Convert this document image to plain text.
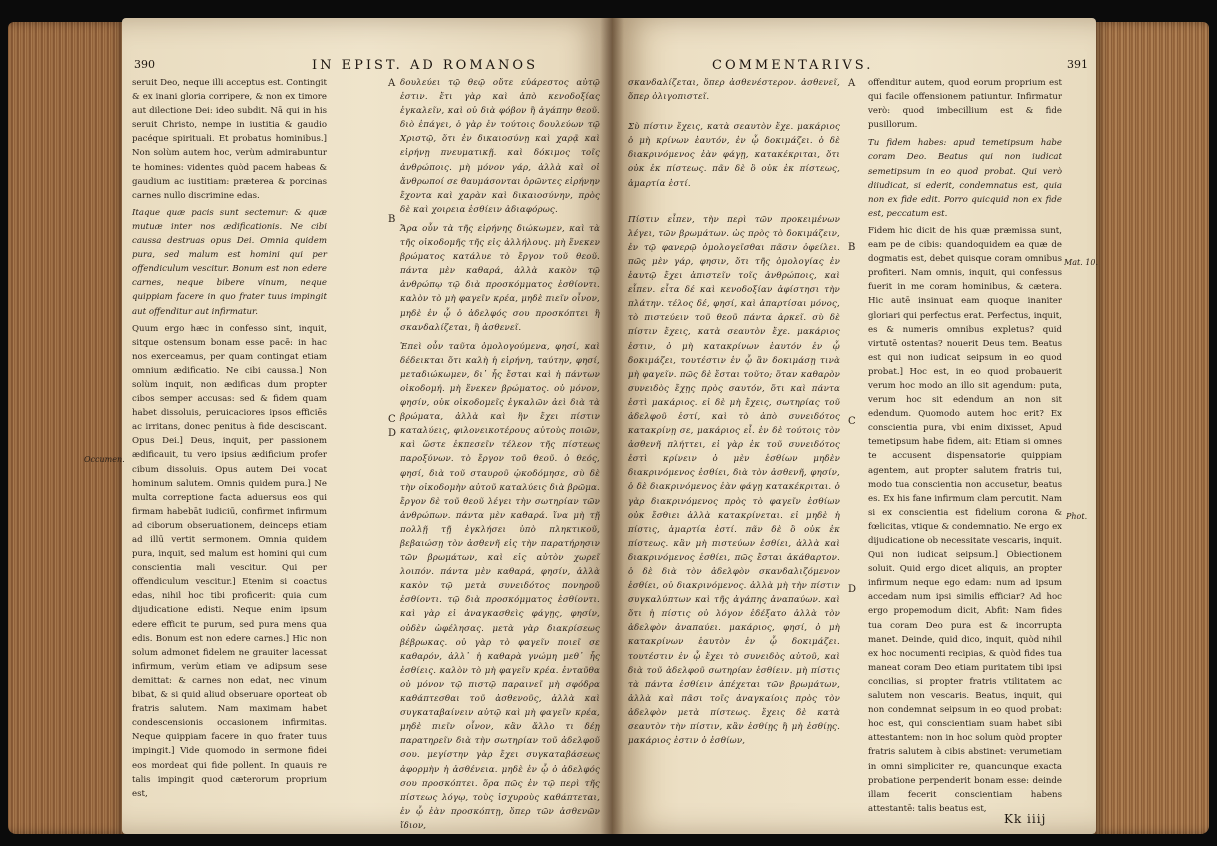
390	IN EPIST. AD ROMANOS

seruit Deo, neque illi acceptus est. Contingit & ex inani gloria corripere, & non ex timore aut dilectione Dei: ideo subdit. Nā qui in his seruit Christo, nempe in iustitia & gaudio pacéque spirituali. Et probatus hominibus.] Non solùm autem hoc, verùm admirabuntur te homines: videntes quòd pacem habeas & gaudium ac iustitiam: præterea & porcinas carnes nullo discrimine edas.

Itaque quæ pacis sunt sectemur: & quæ mutuæ inter nos ædificationis. Ne cibi caussa destruas opus Dei. Omnia quidem pura, sed malum est homini qui per offendiculum vescitur. Bonum est non edere carnes, neque bibere vinum, neque quippiam facere in quo frater tuus impingit aut offenditur aut infirmatur.

Quum ergo hæc in confesso sint, inquit, sitque ostensum bonam esse pacē: in hac nos exerceamus, per quam contingat etiam omnium ædificatio. Ne cibi caussa.] Non solùm inquit, non ædificas dum propter cibos semper accusas: sed & fidem quam habet dissoluis, peruicaciores ipsos efficiēs ac irritans, donec penitus à fide desciscant. Opus Dei.] Deus, inquit, per passionem ædificauit, tu vero ipsius ædificium profer cibum dissoluis. Opus autem Dei vocat hominum salutem. Omnis quidem pura.] Ne multa correptione facta aduersus eos qui firmam habebāt iudiciū, confirmet infirmum ad ciborum obseruationem, deinceps etiam ad illū vertit sermonem. Omnia quidem pura, inquit, sed malum est homini qui cum conscientia mali vescitur. Qui per offendiculum vescitur.] Etenim si coactus edas, nihil hoc tibi proficerit: quia cum dijudicatione edisti. Neque enim ipsum edere efficit te purum, sed pura mens qua edis. Bonum est non edere carnes.] Hic non solum admonet fidelem ne grauiter lacessat infirmum, verùm etiam ve adipsum sese demittat: & carnes non edat, nec vinum bibat, & si quid aliud obseruare oporteat ob fratris salutem. Nam maximam habet condescensionis occasionem infirmitas. Neque quippiam facere in quo frater tuus impingit.] Vide quomodo in sermone fidei eos mordeat qui fide pollent. In quauis re talis impingit quod cæterorum proprium est,

δουλεύει τῷ θεῷ οὔτε εὐάρεστος αὐτῷ ἐστιν. ἔτι γὰρ καὶ ἀπὸ κενοδοξίας ἐγκαλεῖν, καὶ οὐ διὰ φόβον ἢ ἀγάπην θεοῦ. διὸ ἐπάγει, ὁ γὰρ ἐν τούτοις δουλεύων τῷ Χριστῷ, ὅτι ἐν δικαιοσύνῃ καὶ χαρᾷ καὶ εἰρήνῃ πνευματικῇ. καὶ δόκιμος τοῖς ἀνθρώποις. μὴ μόνον γάρ, ἀλλὰ καὶ οἱ ἄνθρωποί σε θαυμάσονται ὁρῶντες εἰρήνην ἔχοντα καὶ χαρὰν καὶ δικαιοσύνην, πρὸς δὲ καὶ χοιρεια ἐσθίειν ἀδιαφόρως.

Ἄρα οὖν τὰ τῆς εἰρήνης διώκωμεν, καὶ τὰ τῆς οἰκοδομῆς τῆς εἰς ἀλλήλους. μὴ ἕνεκεν βρώματος κατάλυε τὸ ἔργον τοῦ θεοῦ. πάντα μὲν καθαρά, ἀλλὰ κακὸν τῷ ἀνθρώπῳ τῷ διὰ προσκόμματος ἐσθίοντι. καλὸν τὸ μὴ φαγεῖν κρέα, μηδὲ πιεῖν οἶνον, μηδὲ ἐν ᾧ ὁ ἀδελφός σου προσκόπτει ἢ σκανδαλίζεται, ἢ ἀσθενεῖ.

Ἐπεὶ οὖν ταῦτα ὁμολογούμενα, φησί, καὶ δέδεικται ὅτι καλὴ ἡ εἰρήνη, ταύτην, φησί, μεταδιώκωμεν, δι᾽ ἧς ἔσται καὶ ἡ πάντων οἰκοδομή. μὴ ἕνεκεν βρώματος. οὐ μόνον, φησίν, οὐκ οἰκοδομεῖς ἐγκαλῶν ἀεὶ διὰ τὰ βρώματα, ἀλλὰ καὶ ἣν ἔχει πίστιν καταλύεις, φιλονεικοτέρους αὐτοὺς ποιῶν, καὶ ὥστε ἐκπεσεῖν τέλεον τῆς πίστεως παροξύνων. τὸ ἔργον τοῦ θεοῦ. ὁ θεός, φησί, διὰ τοῦ σταυροῦ ᾠκοδόμησε, σὺ δὲ τὴν οἰκοδομὴν αὐτοῦ καταλύεις διὰ βρῶμα. ἔργον δὲ τοῦ θεοῦ λέγει τὴν σωτηρίαν τῶν ἀνθρώπων. πάντα μὲν καθαρά. ἵνα μὴ τῇ πολλῇ τῇ ἐγκλήσει ὑπὸ πληκτικοῦ, βεβαιώσῃ τὸν ἀσθενῆ εἰς τὴν παρατήρησιν τῶν βρωμάτων, καὶ εἰς αὐτὸν χωρεῖ λοιπόν. πάντα μὲν καθαρά, φησίν, ἀλλὰ κακὸν τῷ μετὰ συνειδότος πονηροῦ ἐσθίοντι. τῷ διὰ προσκόμματος ἐσθίοντι. καὶ γὰρ εἰ ἀναγκασθεὶς φάγῃς, φησίν, οὐδὲν ὠφέλησας. μετὰ γὰρ διακρίσεως βέβρωκας. οὐ γὰρ τὸ φαγεῖν ποιεῖ σε καθαρόν, ἀλλ᾽ ἡ καθαρὰ γνώμη μεθ᾽ ἧς ἐσθίεις. καλὸν τὸ μὴ φαγεῖν κρέα. ἐνταῦθα οὐ μόνον τῷ πιστῷ παραινεῖ μὴ σφόδρα καθάπτεσθαι τοῦ ἀσθενοῦς, ἀλλὰ καὶ συγκαταβαίνειν αὐτῷ καὶ μὴ φαγεῖν κρέα, μηδὲ πιεῖν οἶνον, κἂν ἄλλο τι δέῃ παρατηρεῖν διὰ τὴν σωτηρίαν τοῦ ἀδελφοῦ σου. μεγίστην γὰρ ἔχει συγκαταβάσεως ἀφορμὴν ἡ ἀσθένεια. μηδὲ ἐν ᾧ ὁ ἀδελφός σου προσκόπτει. ὅρα πῶς ἐν τῷ περὶ τῆς πίστεως λόγῳ, τοὺς ἰσχυροὺς καθάπτεται, ἐν ᾧ ἐὰν προσκόπτῃ, ὅπερ τῶν ἀσθενῶν ἴδιον,

A
B
C
D
Occumen.
COMMENTARIVS.	391

σκανδαλίζεται, ὅπερ ἀσθενέστερον. ἀσθενεῖ, ὅπερ ὀλιγοπιστεῖ.

Σὺ πίστιν ἔχεις, κατὰ σεαυτὸν ἔχε. μακάριος ὁ μὴ κρίνων ἑαυτόν, ἐν ᾧ δοκιμάζει. ὁ δὲ διακρινόμενος ἐὰν φάγῃ, κατακέκριται, ὅτι οὐκ ἐκ πίστεως. πᾶν δὲ ὃ οὐκ ἐκ πίστεως, ἁμαρτία ἐστί.

Πίστιν εἶπεν, τὴν περὶ τῶν προκειμένων λέγει, τῶν βρωμάτων. ὡς πρὸς τὸ δοκιμάζειν, ἐν τῷ φανερῷ ὁμολογεῖσθαι πᾶσιν ὀφείλει. πῶς μὲν γάρ, φησιν, ὅτι τῆς ὁμολογίας ἐν ἑαυτῷ ἔχει ἀπιστεῖν τοῖς ἀνθρώποις, καὶ εἶπεν. εἶτα δέ καὶ κενοδοξίαν ἀφίστησι τὴν πλάτην. τέλος δέ, φησί, καὶ ἀπαρτίσαι μόνος, τὸ πιστεύειν τοῦ θεοῦ πάντα ἀρκεῖ. σὺ δὲ πίστιν ἔχεις, κατὰ σεαυτὸν ἔχε. μακάριος ἐστιν, ὁ μὴ κατακρίνων ἑαυτόν ἐν ᾧ δοκιμάζει, τουτέστιν ἐν ᾧ ἂν δοκιμάσῃ τινὰ μὴ φαγεῖν. πῶς δὲ ἔσται τοῦτο; ὅταν καθαρὸν συνειδὸς ἔχῃς πρὸς σαυτόν, ὅτι καὶ πάντα ἐστὶ μακάριος. εἰ δὲ μὴ ἔχεις, σωτηρίας τοῦ ἀδελφοῦ ἐστί, καὶ τὸ ἀπὸ συνειδότος κατακρίνῃ σε, μακάριος εἶ. ἐν δὲ τούτοις τὸν ἀσθενῆ πλήττει, εἰ γὰρ ἐκ τοῦ συνειδότος ἐστὶ κρίνειν ὁ μὲν ἐσθίων μηδὲν διακρινόμενος ἐσθίει, διὰ τὸν ἀσθενῆ, φησίν, ὁ δὲ διακρινόμενος ἐὰν φάγῃ κατακέκριται. ὁ γὰρ διακρινόμενος πρὸς τὸ φαγεῖν ἐσθίων οὐκ ἔσθιει ἀλλὰ κατακρίνεται. εἰ μηδὲ ἡ πίστις, ἁμαρτία ἐστί. πᾶν δὲ ὃ οὐκ ἐκ πίστεως. κἂν μὴ πιστεύων ἐσθίει, ἀλλὰ καὶ διακρινόμενος ἐσθίει, πῶς ἔσται ἀκάθαρτον. ὁ δὲ διὰ τὸν ἀδελφὸν σκανδαλιζόμενον ἐσθίει, οὐ διακρινόμενος. ἀλλὰ μὴ τὴν πίστιν συγκαλύπτων καὶ τῆς ἀγάπης ἀναπαύων. καὶ ὅτι ἡ πίστις οὐ λόγον ἐδέξατο ἀλλὰ τὸν ἀδελφὸν ἀναπαύει. μακάριος, φησί, ὁ μὴ κατακρίνων ἑαυτὸν ἐν ᾧ δοκιμάζει. τουτέστιν ἐν ᾧ ἔχει τὸ συνειδὸς αὐτοῦ, καὶ διὰ τοῦ ἀδελφοῦ σωτηρίαν ἐσθίειν. μὴ πίστις τὰ πάντα ἐσθίειν ἀπέχεται τῶν βρωμάτων, ἀλλὰ καὶ πᾶσι τοῖς ἀναγκαίοις πρὸς τὸν ἀδελφὸν μετὰ πίστεως. ἔχεις δὲ κατὰ σεαυτὸν τὴν πίστιν, κἂν ἐσθίῃς ἢ μὴ ἐσθίῃς. μακάριος ἐστιν ὁ ἐσθίων,

offenditur autem, quod eorum proprium est qui facile offensionem patiuntur. Infirmatur verò: quod imbecillium est & fide pusillorum.

Tu fidem habes: apud temetipsum habe coram Deo. Beatus qui non iudicat semetipsum in eo quod probat. Qui verò diiudicat, si ederit, condemnatus est, quia non ex fide edit. Porro quicquid non ex fide est, peccatum est.

Fidem hic dicit de his quæ præmissa sunt, eam pe de cibis: quandoquidem ea quæ de dogmatis est, debet quisque coram omnibus profiteri. Nam omnis, inquit, qui confessus fuerit in me coram hominibus, & cætera. Hic autē insinuat eam quoque inaniter gloriari qui perfectus erat. Perfectus, inquit, es & numeris omnibus expletus? quid virtutē ostentas? nouerit Deus tem. Beatus est qui non iudicat seipsum in eo quod probat.] Hoc est, in eo quod probauerit verum hoc modo an illo sit agendum: puta, verum hoc sit edendum an non sit edendum. Quomodo autem hoc erit? Ex conscientia pura, vbi enim dixisset, Apud temetipsum habe fidem, ait: Etiam si omnes te accusent dispensatorie quippiam agentem, aut propter salutem fratris tui, modo tua conscientia non accusetur, beatus es. Ex his fane infirmum clam percutit. Nam si ex conscientia est fidelium corona & fœlicitas, vtique & condemnatio. Ne ergo ex dijudicatione ob necessitate vescaris, inquit. Qui non iudicat seipsum.] Obiectionem soluit. Quid ergo dicet aliquis, an propter infirmum neque ego edam: num ad ipsum accedam num ipsi similis efficiar? Ad hoc ergo propemodum dicit, Abfit: Nam fides tua coram Deo pura est & incorrupta manet. Deinde, quid dico, inquit, quòd nihil ex hoc nocumenti recipias, & quòd fides tua maneat coram Deo etiam puritatem tibi ipsi concilias, si propter fratris vtilitatem ac salutem non vescaris. Beatus, inquit, qui non condemnat seipsum in eo quod probat: hoc est, qui conscientiam suam habet sibi attestantem: non in hoc solum quòd propter fratris salutem à cibis abstinet: verumetiam in omni simpliciter re, quancunque exacta probatione perpenderit bonam esse: deinde illam fecerit conscientiam habens attestantē: talis beatus est,

A
B
C
D
Kk iiij
Mat. 10.
Phot.
